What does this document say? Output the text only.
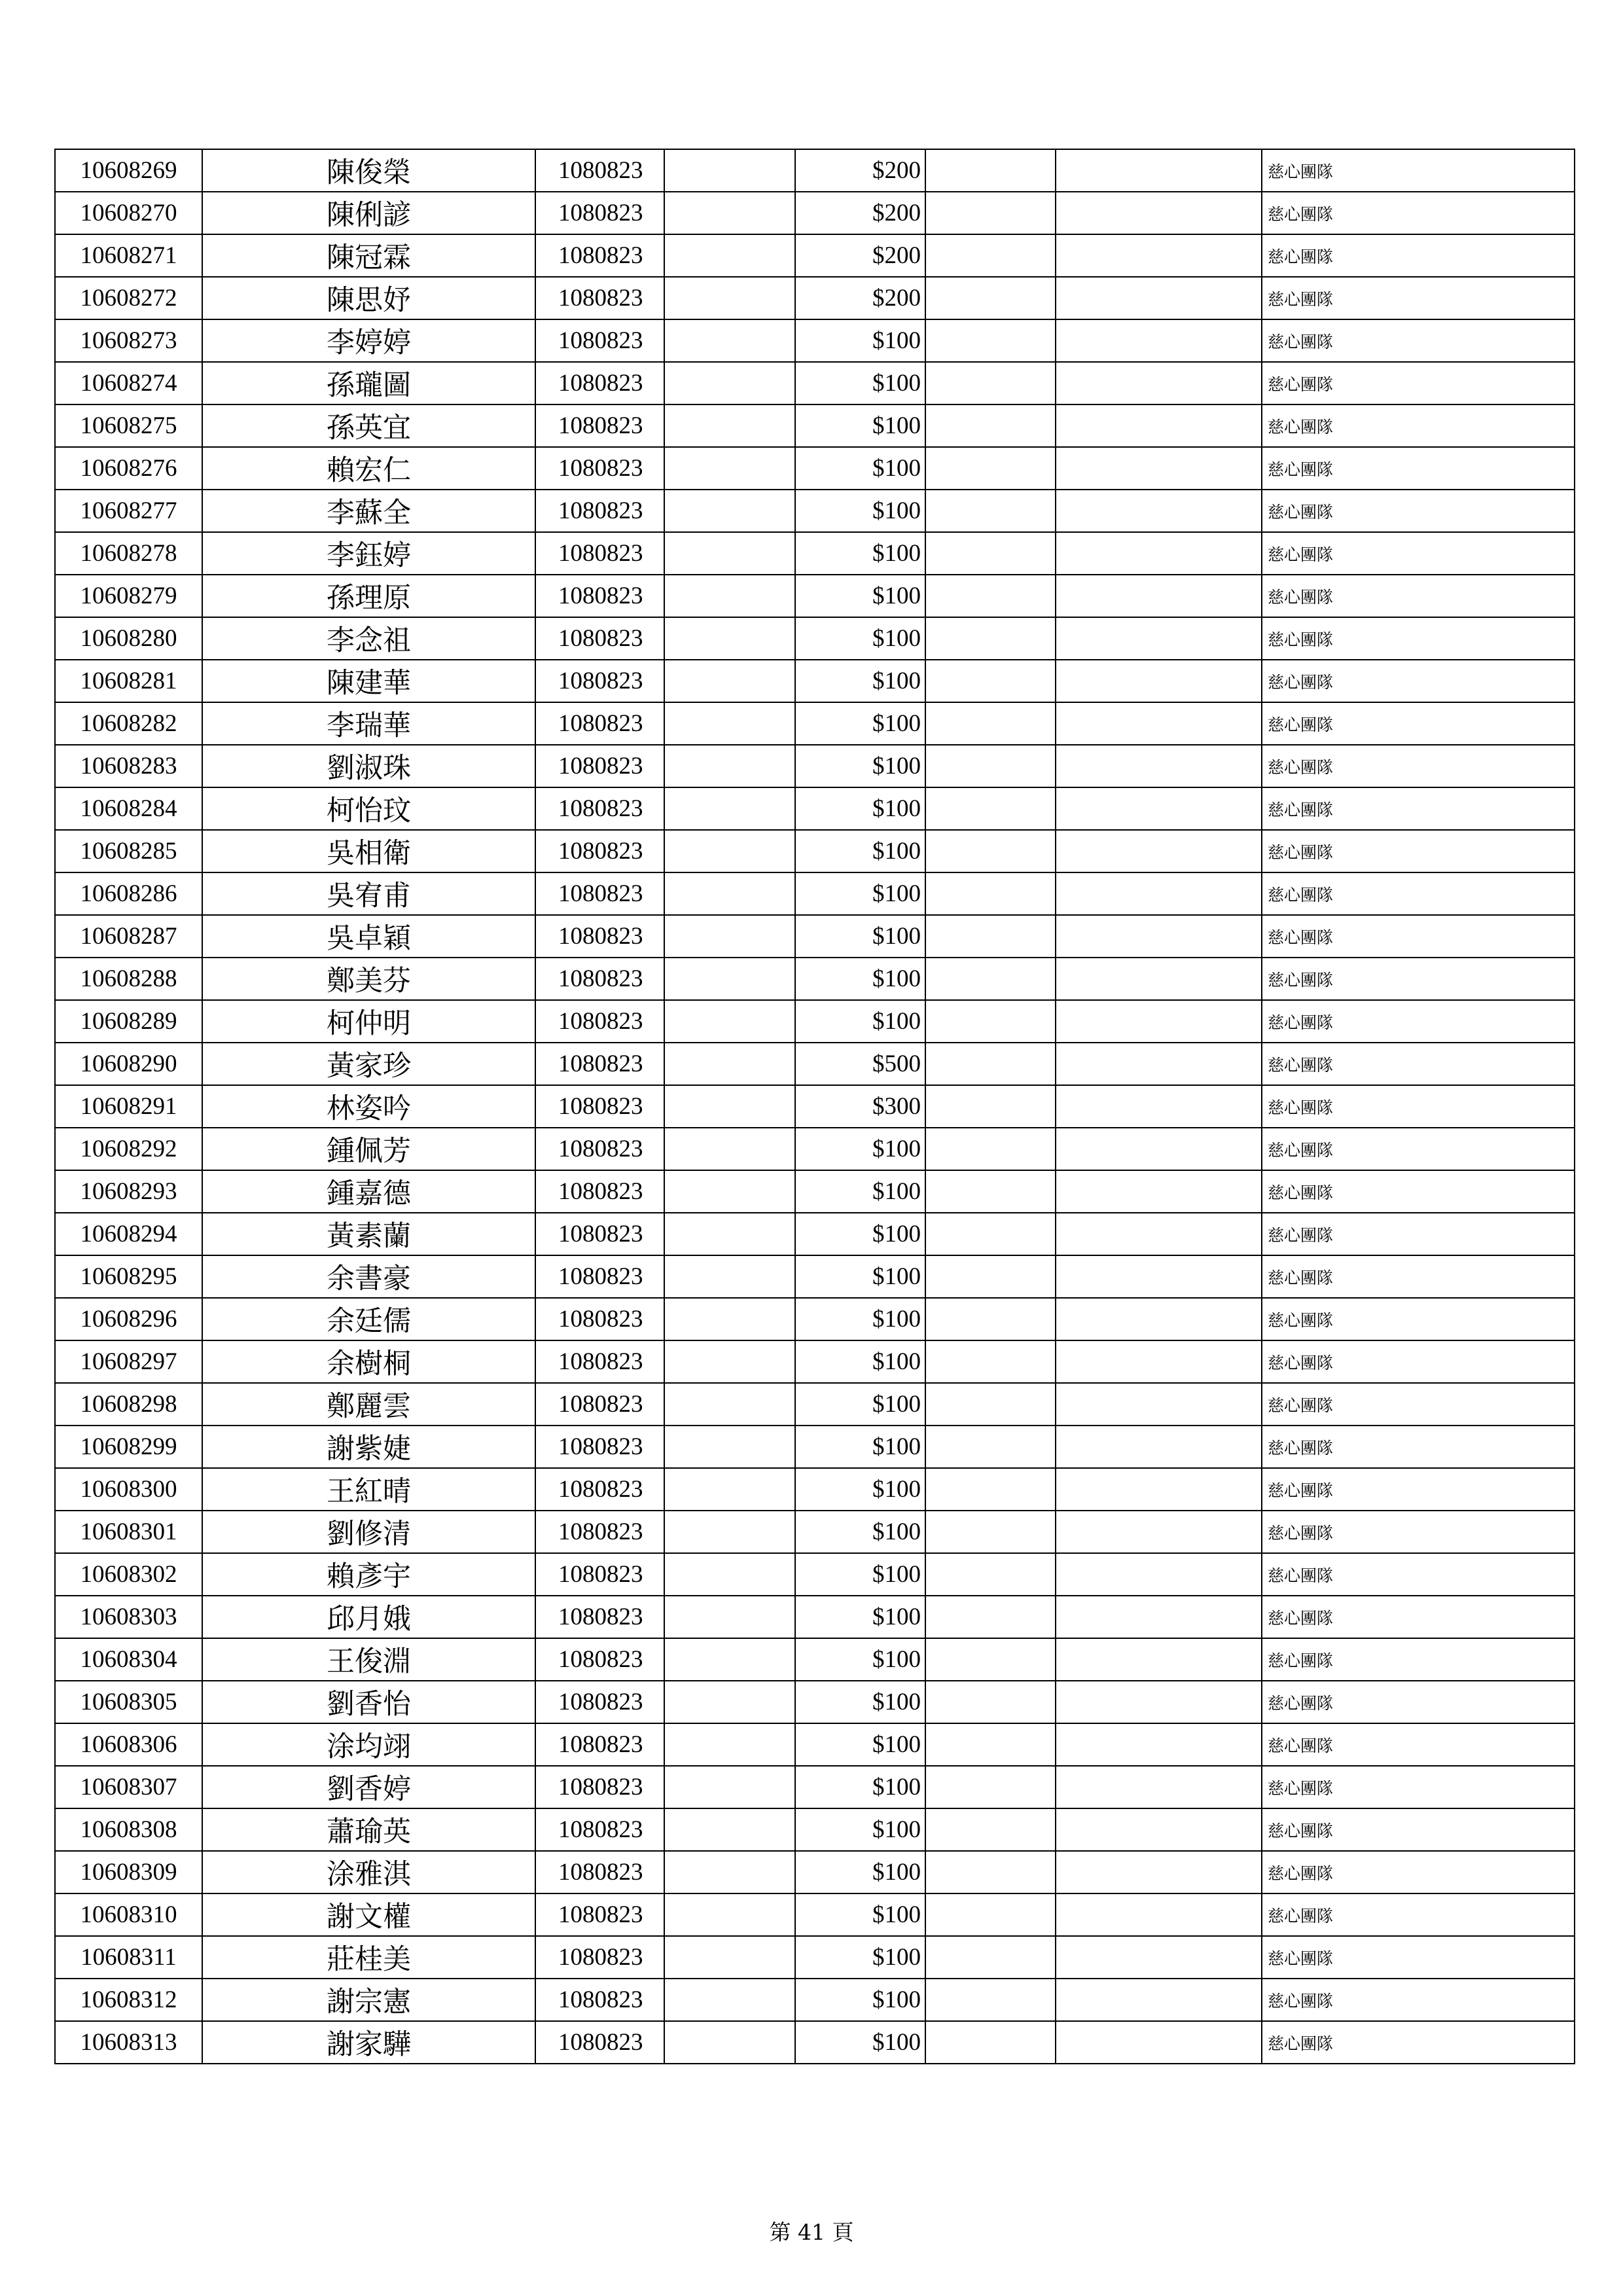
10608269	陳俊榮	1080823		$200			慈心團隊
10608270	陳俐諺	1080823		$200			慈心團隊
10608271	陳冠霖	1080823		$200			慈心團隊
10608272	陳思妤	1080823		$200			慈心團隊
10608273	李婷婷	1080823		$100			慈心團隊
10608274	孫瓏圖	1080823		$100			慈心團隊
10608275	孫英宜	1080823		$100			慈心團隊
10608276	賴宏仁	1080823		$100			慈心團隊
10608277	李蘇全	1080823		$100			慈心團隊
10608278	李鈺婷	1080823		$100			慈心團隊
10608279	孫理原	1080823		$100			慈心團隊
10608280	李念祖	1080823		$100			慈心團隊
10608281	陳建華	1080823		$100			慈心團隊
10608282	李瑞華	1080823		$100			慈心團隊
10608283	劉淑珠	1080823		$100			慈心團隊
10608284	柯怡玟	1080823		$100			慈心團隊
10608285	吳相衛	1080823		$100			慈心團隊
10608286	吳宥甫	1080823		$100			慈心團隊
10608287	吳卓穎	1080823		$100			慈心團隊
10608288	鄭美芬	1080823		$100			慈心團隊
10608289	柯仲明	1080823		$100			慈心團隊
10608290	黃家珍	1080823		$500			慈心團隊
10608291	林姿吟	1080823		$300			慈心團隊
10608292	鍾佩芳	1080823		$100			慈心團隊
10608293	鍾嘉德	1080823		$100			慈心團隊
10608294	黃素蘭	1080823		$100			慈心團隊
10608295	余書豪	1080823		$100			慈心團隊
10608296	余廷儒	1080823		$100			慈心團隊
10608297	余樹桐	1080823		$100			慈心團隊
10608298	鄭麗雲	1080823		$100			慈心團隊
10608299	謝紫婕	1080823		$100			慈心團隊
10608300	王紅晴	1080823		$100			慈心團隊
10608301	劉修清	1080823		$100			慈心團隊
10608302	賴彥宇	1080823		$100			慈心團隊
10608303	邱月娥	1080823		$100			慈心團隊
10608304	王俊淵	1080823		$100			慈心團隊
10608305	劉香怡	1080823		$100			慈心團隊
10608306	涂均翊	1080823		$100			慈心團隊
10608307	劉香婷	1080823		$100			慈心團隊
10608308	蕭瑜英	1080823		$100			慈心團隊
10608309	涂雅淇	1080823		$100			慈心團隊
10608310	謝文權	1080823		$100			慈心團隊
10608311	莊桂美	1080823		$100			慈心團隊
10608312	謝宗憲	1080823		$100			慈心團隊
10608313	謝家驊	1080823		$100			慈心團隊
第 41 頁
